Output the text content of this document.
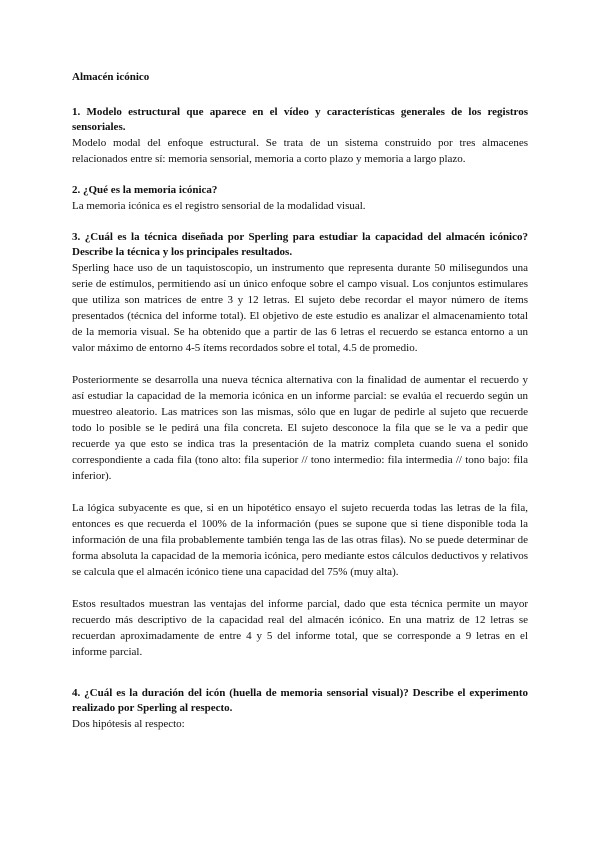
Almacén icónico

1. Modelo estructural que aparece en el vídeo y características generales de los registros sensoriales.

Modelo modal del enfoque estructural. Se trata de un sistema construido por tres almacenes relacionados entre sí: memoria sensorial, memoria a corto plazo y memoria a largo plazo.

2. ¿Qué es la memoria icónica?

La memoria icónica es el registro sensorial de la modalidad visual.

3. ¿Cuál es la técnica diseñada por Sperling para estudiar la capacidad del almacén icónico? Describe la técnica y los principales resultados.

Sperling hace uso de un taquistoscopio, un instrumento que representa durante 50 milisegundos una serie de estímulos, permitiendo así un único enfoque sobre el campo visual. Los conjuntos estimulares que utiliza son matrices de entre 3 y 12 letras. El sujeto debe recordar el mayor número de ítems presentados (técnica del informe total). El objetivo de este estudio es analizar el almacenamiento total de la memoria visual. Se ha obtenido que a partir de las 6 letras el recuerdo se estanca entorno a un valor máximo de entorno 4-5 ítems recordados sobre el total, 4.5 de promedio.

Posteriormente se desarrolla una nueva técnica alternativa con la finalidad de aumentar el recuerdo y así estudiar la capacidad de la memoria icónica en un informe parcial: se evalúa el recuerdo según un muestreo aleatorio. Las matrices son las mismas, sólo que en lugar de pedirle al sujeto que recuerde todo lo posible se le pedirá una fila concreta. El sujeto desconoce la fila que se le va a pedir que recuerde ya que esto se indica tras la presentación de la matriz completa cuando suena el sonido correspondiente a cada fila (tono alto: fila superior // tono intermedio: fila intermedia // tono bajo: fila inferior).

La lógica subyacente es que, si en un hipotético ensayo el sujeto recuerda todas las letras de la fila, entonces es que recuerda el 100% de la información (pues se supone que si tiene disponible toda la información de una fila probablemente también tenga las de las otras filas). No se puede determinar de forma absoluta la capacidad de la memoria icónica, pero mediante estos cálculos deductivos y relativos se calcula que el almacén icónico tiene una capacidad del 75% (muy alta).

Estos resultados muestran las ventajas del informe parcial, dado que esta técnica permite un mayor recuerdo más descriptivo de la capacidad real del almacén icónico. En una matriz de 12 letras se recuerdan aproximadamente de entre 4 y 5 del informe total, que se corresponde a 9 letras en el informe parcial.

4. ¿Cuál es la duración del icón (huella de memoria sensorial visual)? Describe el experimento realizado por Sperling al respecto.

Dos hipótesis al respecto:
